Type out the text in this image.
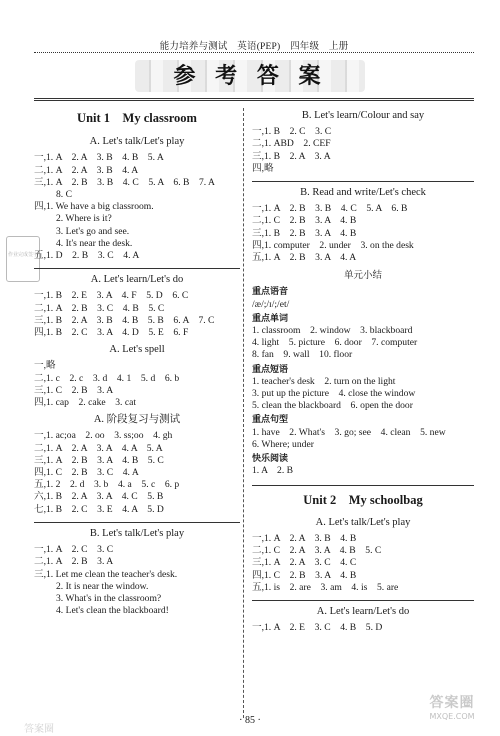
能力培养与测试　英语(PEP)　四年级　上册
参 考 答 案
作业完成签字
Unit 1　My classroom
A. Let's talk/Let's play
一,1. A　2. A　3. B　4. B　5. A
二,1. A　2. A　3. B　4. A
三,1. A　2. B　3. B　4. C　5. A　6. B　7. A
8. C
四,1. We have a big classroom.
2. Where is it?
3. Let's go and see.
4. It's near the desk.
五,1. D　2. B　3. C　4. A
A. Let's learn/Let's do
一,1. B　2. E　3. A　4. F　5. D　6. C
二,1. A　2. B　3. C　4. B　5. C
三,1. B　2. A　3. B　4. B　5. B　6. A　7. C
四,1. B　2. C　3. A　4. D　5. E　6. F
A. Let's spell
一,略
二,1. c　2. c　3. d　4. 1　5. d　6. b
三,1. C　2. B　3. A
四,1. cap　2. cake　3. cat
A. 阶段复习与测试
一,1. ac;oa　2. oo　3. ss;oo　4. gh
二,1. A　2. A　3. A　4. A　5. A
三,1. A　2. B　3. A　4. B　5. C
四,1. C　2. B　3. C　4. A
五,1. 2　2. d　3. b　4. a　5. c　6. p
六,1. B　2. A　3. A　4. C　5. B
七,1. B　2. C　3. E　4. A　5. D
B. Let's talk/Let's play
一,1. A　2. C　3. C
二,1. A　2. B　3. A
三,1. Let me clean the teacher's desk.
2. It is near the window.
3. What's in the classroom?
4. Let's clean the blackboard!
B. Let's learn/Colour and say
一,1. B　2. C　3. C
二,1. ABD　2. CEF
三,1. B　2. A　3. A
四,略
B. Read and write/Let's check
一,1. A　2. B　3. B　4. C　5. A　6. B
二,1. C　2. B　3. A　4. B
三,1. B　2. B　3. A　4. B
四,1. computer　2. under　3. on the desk
五,1. A　2. B　3. A　4. A
单元小结
重点语音
/æ/;/ɪ/;/et/
重点单词
1. classroom　2. window　3. blackboard
4. light　5. picture　6. door　7. computer
8. fan　9. wall　10. floor
重点短语
1. teacher's desk　2. turn on the light
3. put up the picture　4. close the window
5. clean the blackboard　6. open the door
重点句型
1. have　2. What's　3. go; see　4. clean　5. new
6. Where; under
快乐阅读
1. A　2. B
Unit 2　My schoolbag
A. Let's talk/Let's play
一,1. A　2. A　3. B　4. B
二,1. C　2. A　3. A　4. B　5. C
三,1. A　2. A　3. C　4. C
四,1. C　2. B　3. A　4. B
五,1. is　2. are　3. am　4. is　5. are
A. Let's learn/Let's do
一,1. A　2. E　3. C　4. B　5. D
· 85 ·
答案圈
答案圈
MXQE.COM
